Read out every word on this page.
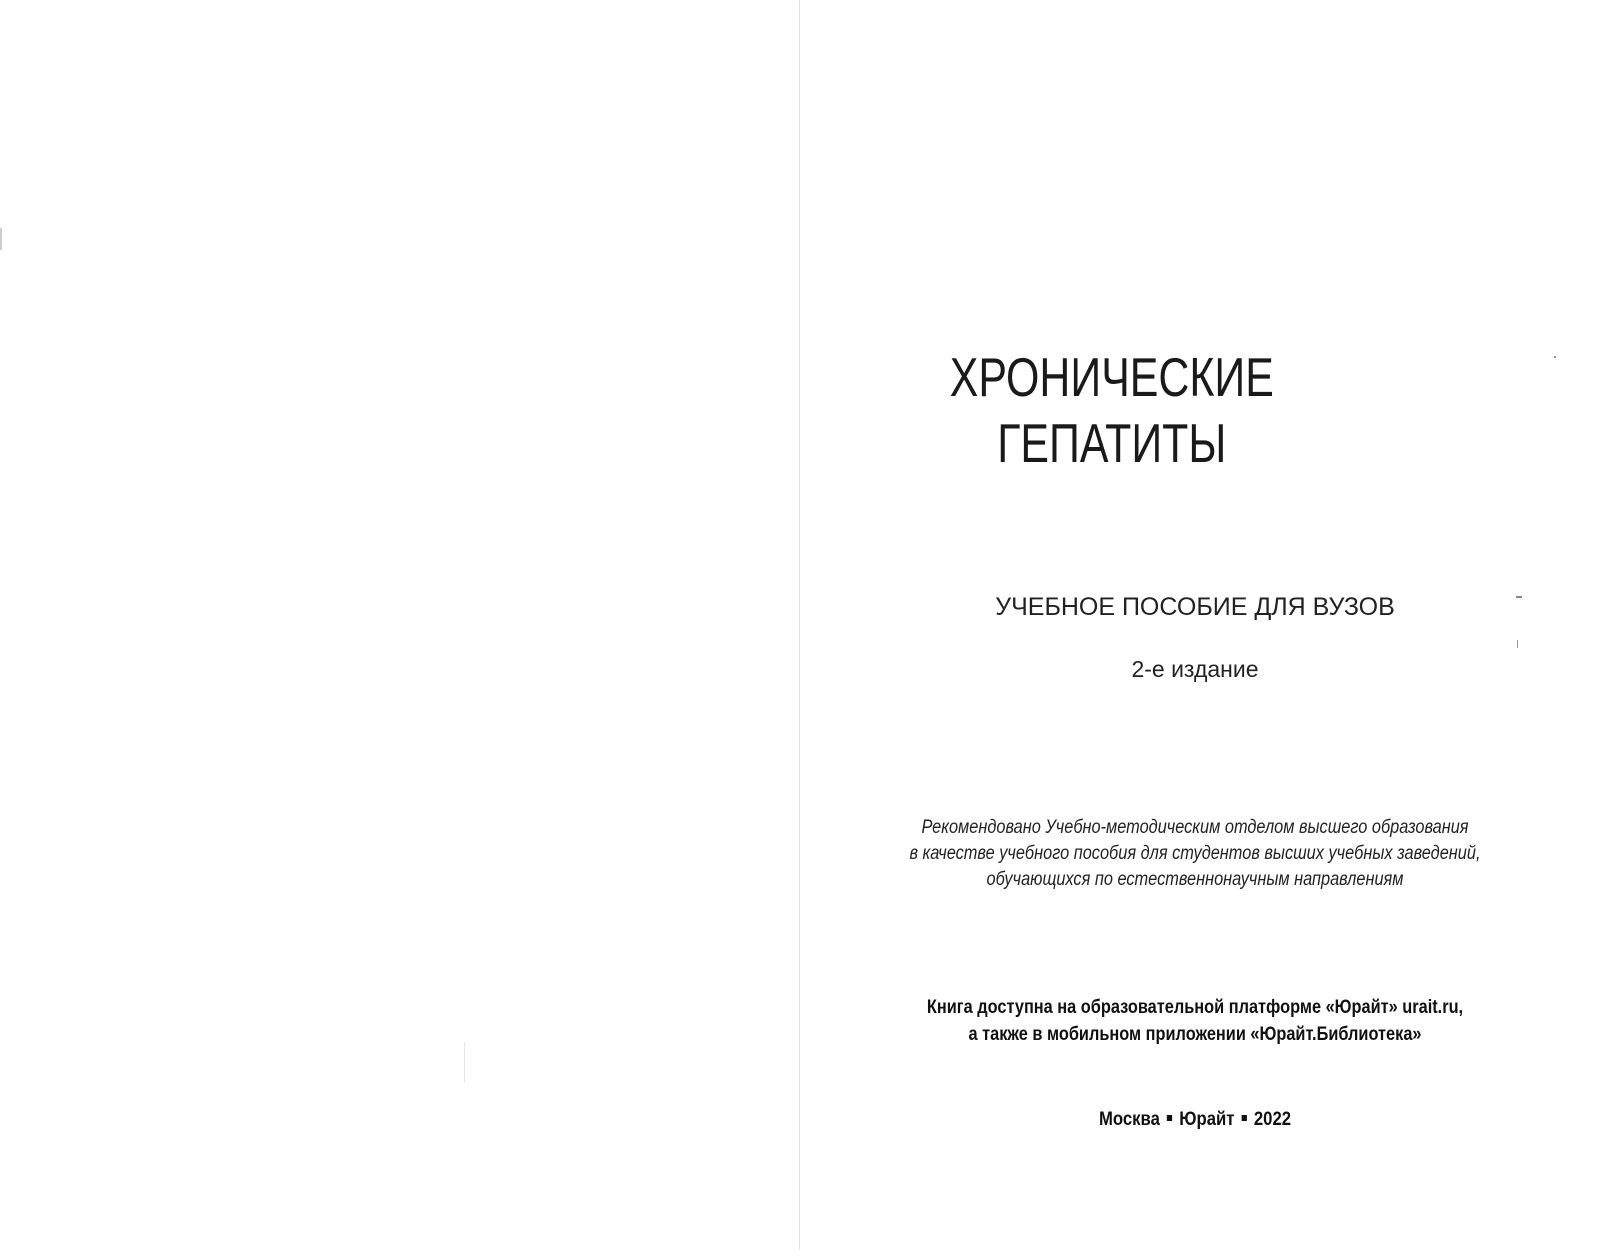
ХРОНИЧЕСКИЕ ГЕПАТИТЫ
УЧЕБНОЕ ПОСОБИЕ ДЛЯ ВУЗОВ
2-е издание
Рекомендовано Учебно-методическим отделом высшего образования
в качестве учебного пособия для студентов высших учебных заведений,
обучающихся по естественнонаучным направлениям
Книга доступна на образовательной платформе «Юрайт» urait.ru,
а также в мобильном приложении «Юрайт.Библиотека»
Москва Юрайт 2022
